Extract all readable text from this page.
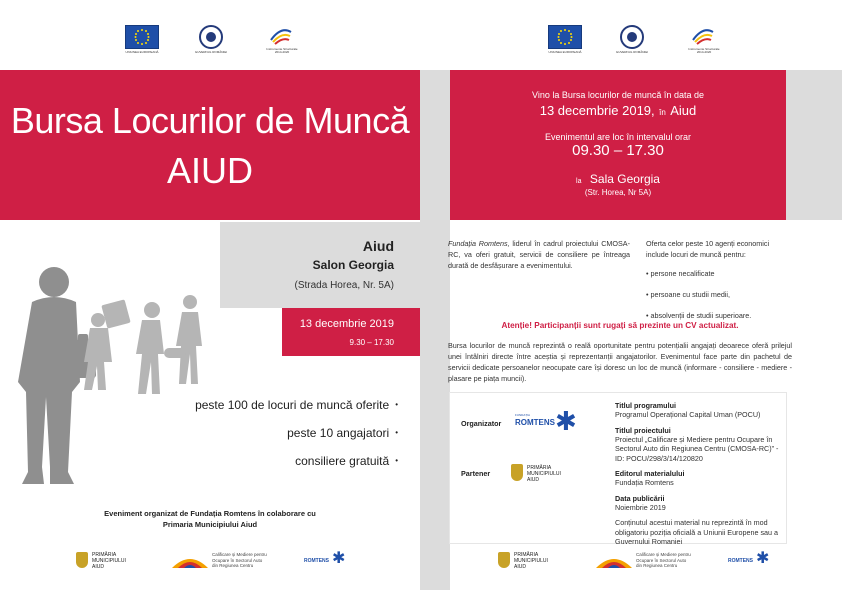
UNIUNEA EUROPEANĂ	GUVERNUL ROMÂNIEI
Instrumente Structurale
2014-2020
Bursa Locurilor de Muncă
AIUD
Aiud
Salon Georgia
(Strada Horea, Nr. 5A)
13 decembrie 2019
9.30 – 17.30
peste 100 de locuri de muncă oferite •
peste 10 angajatori •
consiliere gratuită •
Eveniment organizat de Fundația Romtens în colaborare cu
Primaria Municipiului Aiud
PRIMĂRIA
MUNICIPIULUI
AIUD
Calificare și Mediere pentru
Ocupare în Sectorul Auto
din Regiunea Centru
ROMTENS ✱
UNIUNEA EUROPEANĂ	GUVERNUL ROMÂNIEI
Instrumente Structurale
2014-2020
Vino la Bursa locurilor de muncă în data de
13 decembrie 2019, în Aiud
Evenimentul are loc în intervalul orar
09.30 – 17.30
la Sala Georgia
(Str. Horea, Nr 5A)
Fundația Romtens, liderul în cadrul proiectului CMOSA-RC, va oferi gratuit, servicii de consiliere pe întreaga durată de desfășurare a evenimentului.
Oferta celor peste 10 agenți economici include locuri de muncă pentru:
• persone necalificate
• persoane cu studii medii,
• absolvenții de studii superioare.
Atenție! Participanții sunt rugați să prezinte un CV actualizat.
Bursa locurilor de muncă reprezintă o reală oportunitate pentru potențialii angajați deoarece oferă prilejul unei întâlniri directe între aceștia și reprezentanții angajatorilor. Evenimentul face parte din pachetul de servicii dedicate persoanelor neocupate care își doresc un loc de muncă (informare - consiliere - mediere - plasare pe piața muncii).
Organizator
FUNDAȚIA
ROMTENS ✱
Partener
PRIMĂRIA
MUNICIPIULUI
AIUD
Titlul programului
Programul Operațional Capital Uman (POCU)
Titlul proiectului
Proiectul „Calificare și Mediere pentru Ocupare în Sectorul Auto din Regiunea Centru (CMOSA-RC)” - ID: POCU/298/3/14/120820
Editorul materialului
Fundația Romtens
Data publicării
Noiembrie 2019
Conținutul acestui material nu reprezintă în mod obligatoriu poziția oficială a Uniunii Europene sau a Guvernului Romaniei
PRIMĂRIA
MUNICIPIULUI
AIUD
Calificare și Mediere pentru
Ocupare în Sectorul Auto
din Regiunea Centru
ROMTENS ✱
